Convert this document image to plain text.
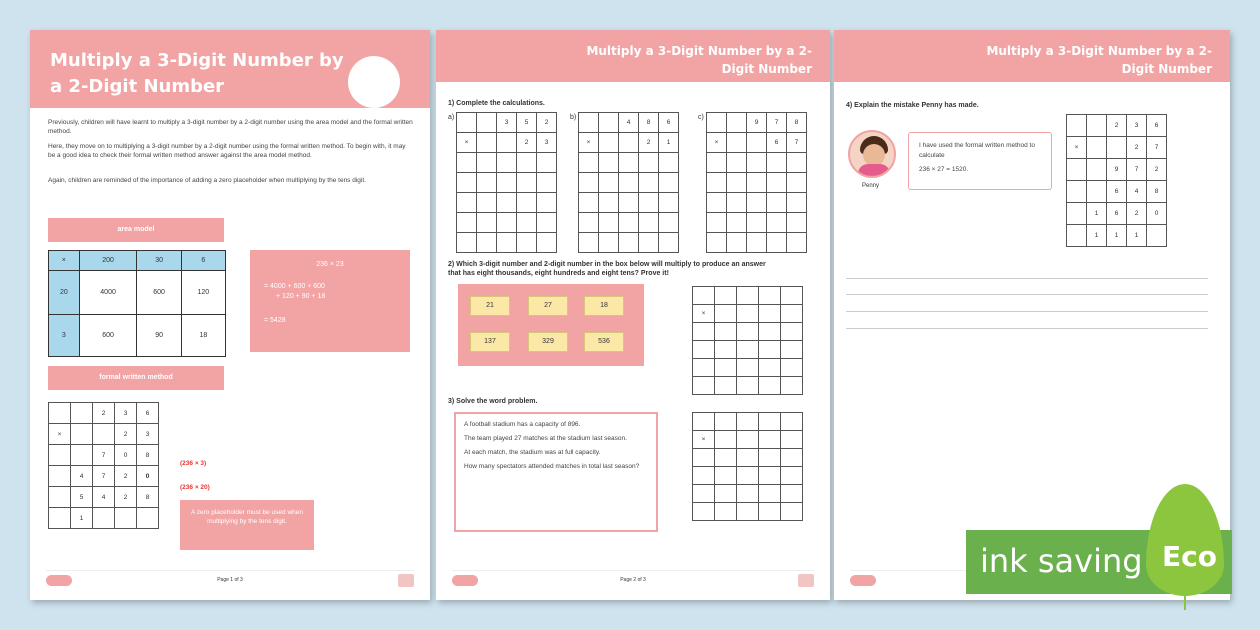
Multiply a 3-Digit Number by a 2-Digit Number
Previously, children will have learnt to multiply a 3-digit number by a 2-digit number using the area model and the formal written method.
Here, they move on to multiplying a 3-digit number by a 2-digit number using the formal written method. To begin with, it may be a good idea to check their formal written method answer against the area model method.
Again, children are reminded of the importance of adding a zero placeholder when multiplying by the tens digit.
area model
×	200	30	6
20	4000	600	120
3	600	90	18
236 × 23
= 4000 + 600 + 600
+ 120 + 90 + 18
= 5428
formal written method
		2	3	6
×			2	3
		7	0	8
	4	7	2	0
	5	4	2	8
	1			
(236 × 3)
(236 × 20)
A zero placeholder must be used when multiplying by the tens digit.
Page 1 of 3
Multiply a 3-Digit Number by a 2-Digit Number
1) Complete the calculations.
a)
		3	5	2
×			2	3

b)
		4	8	6
×			2	1

c)
		9	7	8
×			6	7

2) Which 3-digit number and 2-digit number in the box below will multiply to produce an answer that has eight thousands, eight hundreds and eight tens? Prove it!
21	27	18
137	329	536

×				

3) Solve the word problem.

A football stadium has a capacity of 896.

The team played 27 matches at the stadium last season.

At each match, the stadium was at full capacity.

How many spectators attended matches in total last season?

×				

Page 2 of 3
Multiply a 3-Digit Number by a 2-Digit Number
4) Explain the mistake Penny has made.
Penny
I have used the formal written method to calculate
236 × 27 = 1520.
		2	3	6
×			2	7
		9	7	2
		6	4	8
	1	6	2	0
	1	1	1	
ink saving Eco
